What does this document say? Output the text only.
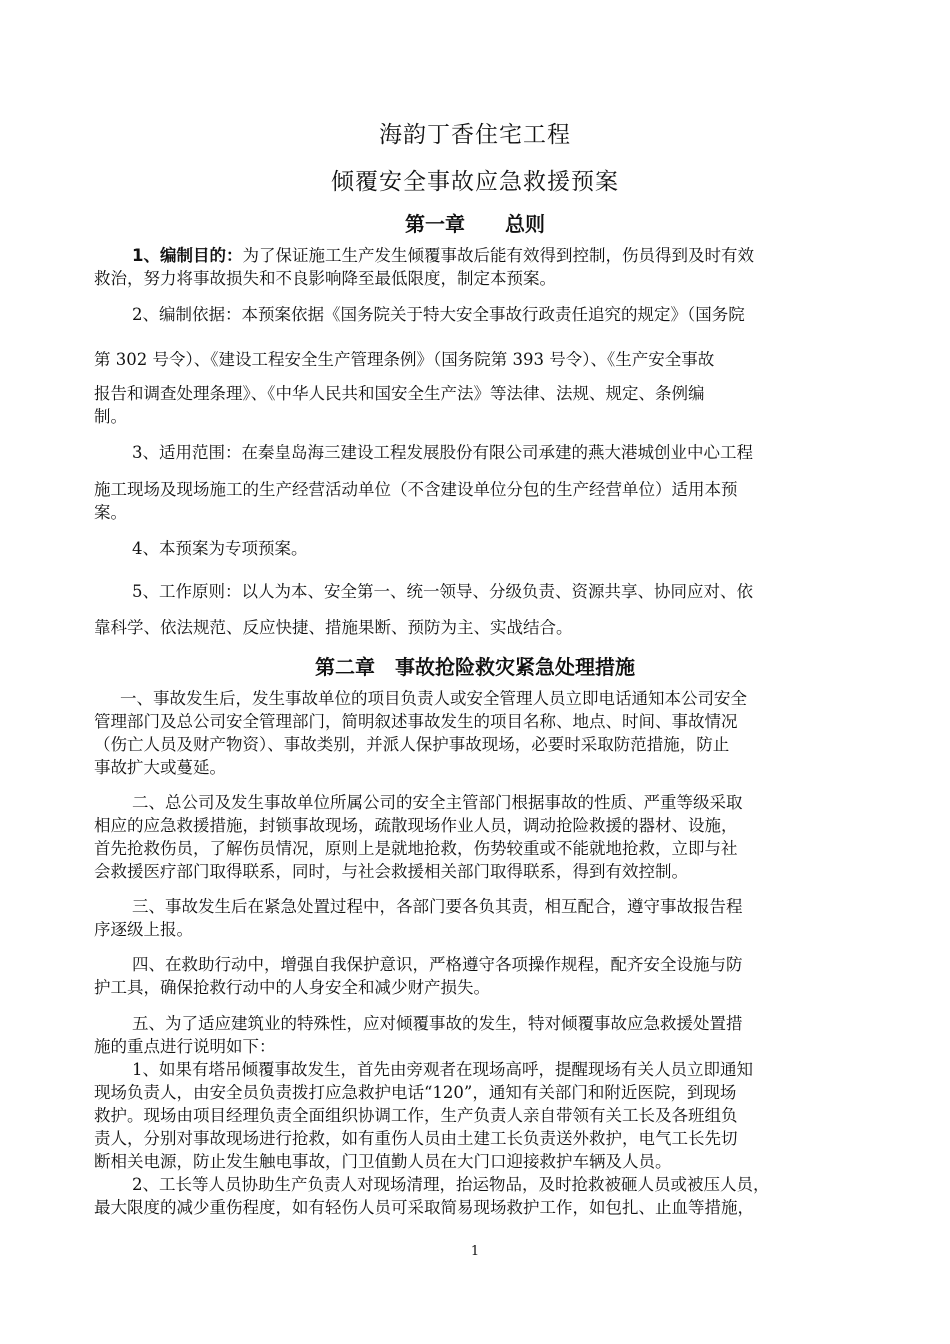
海韵丁香住宅工程
倾覆安全事故应急救援预案
第一章　　总则
1、编制目的：为了保证施工生产发生倾覆事故后能有效得到控制，伤员得到及时有效
救治，努力将事故损失和不良影响降至最低限度，制定本预案。
2、编制依据：本预案依据《国务院关于特大安全事故行政责任追究的规定》（国务院
第 302 号令）、《建设工程安全生产管理条例》（国务院第 393 号令）、《生产安全事故
报告和调查处理条理》、《中华人民共和国安全生产法》等法律、法规、规定、条例编
制。
3、适用范围：在秦皇岛海三建设工程发展股份有限公司承建的燕大港城创业中心工程
施工现场及现场施工的生产经营活动单位（不含建设单位分包的生产经营单位）适用本预
案。
4、本预案为专项预案。
5、工作原则：以人为本、安全第一、统一领导、分级负责、资源共享、协同应对、依
靠科学、依法规范、反应快捷、措施果断、预防为主、实战结合。
第二章　事故抢险救灾紧急处理措施
一、事故发生后，发生事故单位的项目负责人或安全管理人员立即电话通知本公司安全
管理部门及总公司安全管理部门，简明叙述事故发生的项目名称、地点、时间、事故情况
（伤亡人员及财产物资）、事故类别，并派人保护事故现场，必要时采取防范措施，防止
事故扩大或蔓延。
二、总公司及发生事故单位所属公司的安全主管部门根据事故的性质、严重等级采取
相应的应急救援措施，封锁事故现场，疏散现场作业人员，调动抢险救援的器材、设施，
首先抢救伤员，了解伤员情况，原则上是就地抢救，伤势较重或不能就地抢救，立即与社
会救援医疗部门取得联系，同时，与社会救援相关部门取得联系，得到有效控制。
三、事故发生后在紧急处置过程中，各部门要各负其责，相互配合，遵守事故报告程
序逐级上报。
四、在救助行动中，增强自我保护意识，严格遵守各项操作规程，配齐安全设施与防
护工具，确保抢救行动中的人身安全和减少财产损失。
五、为了适应建筑业的特殊性，应对倾覆事故的发生，特对倾覆事故应急救援处置措
施的重点进行说明如下：
1、如果有塔吊倾覆事故发生，首先由旁观者在现场高呼，提醒现场有关人员立即通知
现场负责人，由安全员负责拨打应急救护电话“120”，通知有关部门和附近医院，到现场
救护。现场由项目经理负责全面组织协调工作，生产负责人亲自带领有关工长及各班组负
责人，分别对事故现场进行抢救，如有重伤人员由土建工长负责送外救护，电气工长先切
断相关电源，防止发生触电事故，门卫值勤人员在大门口迎接救护车辆及人员。
2、工长等人员协助生产负责人对现场清理，抬运物品，及时抢救被砸人员或被压人员，
最大限度的减少重伤程度，如有轻伤人员可采取简易现场救护工作，如包扎、止血等措施，
1
